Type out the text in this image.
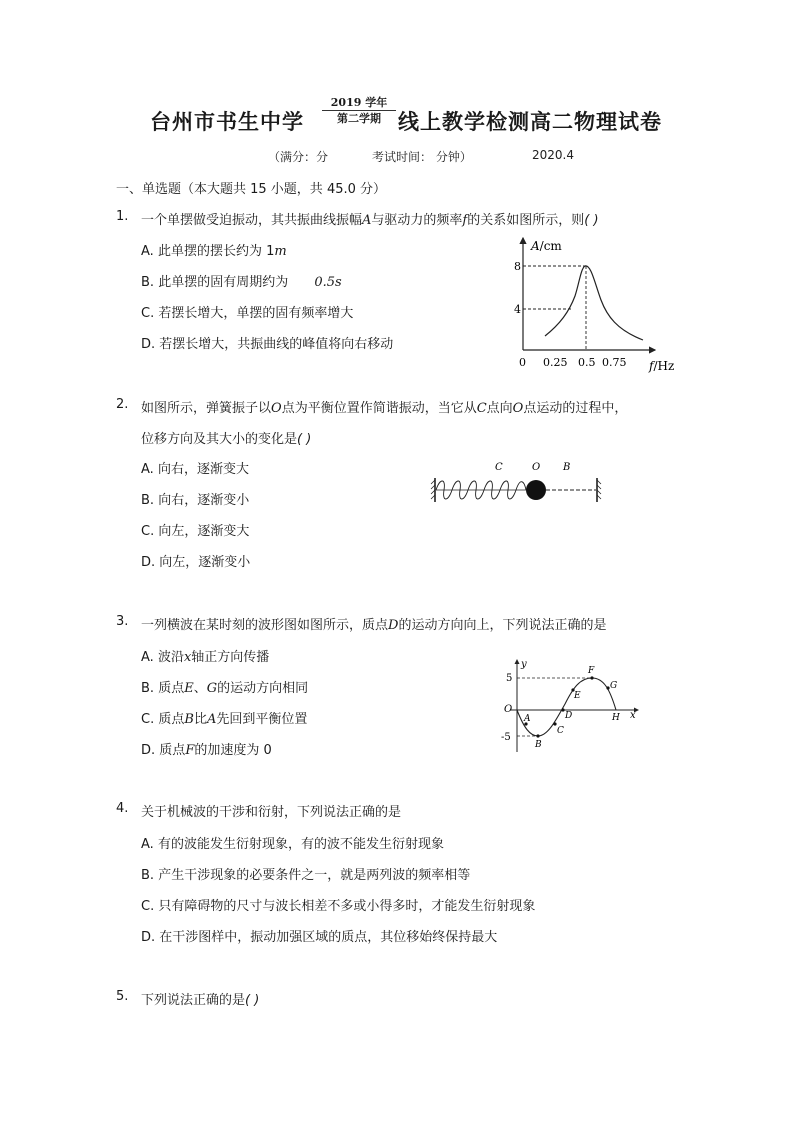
台州市书生中学
2019 学年
第二学期 线上教学检测高二物理试卷
（满分：分	考试时间： 分钟）	2020.4
一、单选题（本大题共 15 小题，共 45.0 分）
1. 一个单摆做受迫振动，其共振曲线振幅A与驱动力的频率f的关系如图所示，则( )
A. 此单摆的摆长约为 1m
B. 此单摆的固有周期约为 0.5s
C. 若摆长增大，单摆的固有频率增大
D. 若摆长增大，共振曲线的峰值将向右移动
A/cm
f/Hz
8
4
0 0.25 0.5 0.75
2. 如图所示，弹簧振子以O点为平衡位置作简谐振动，当它从C点向O点运动的过程中，
位移方向及其大小的变化是( )
A. 向右，逐渐变大
B. 向右，逐渐变小
C. 向左，逐渐变大
D. 向左，逐渐变小
C	O B
3. 一列横波在某时刻的波形图如图所示，质点D的运动方向向上，下列说法正确的是
A. 波沿x轴正方向传播
B. 质点E、G的运动方向相同
C. 质点B比A先回到平衡位置
D. 质点F的加速度为 0
y
x
5
-5
O
A
B
C
D
E
F
G
H
4. 关于机械波的干涉和衍射，下列说法正确的是
A. 有的波能发生衍射现象，有的波不能发生衍射现象
B. 产生干涉现象的必要条件之一，就是两列波的频率相等
C. 只有障碍物的尺寸与波长相差不多或小得多时，才能发生衍射现象
D. 在干涉图样中，振动加强区域的质点，其位移始终保持最大
5. 下列说法正确的是( )
